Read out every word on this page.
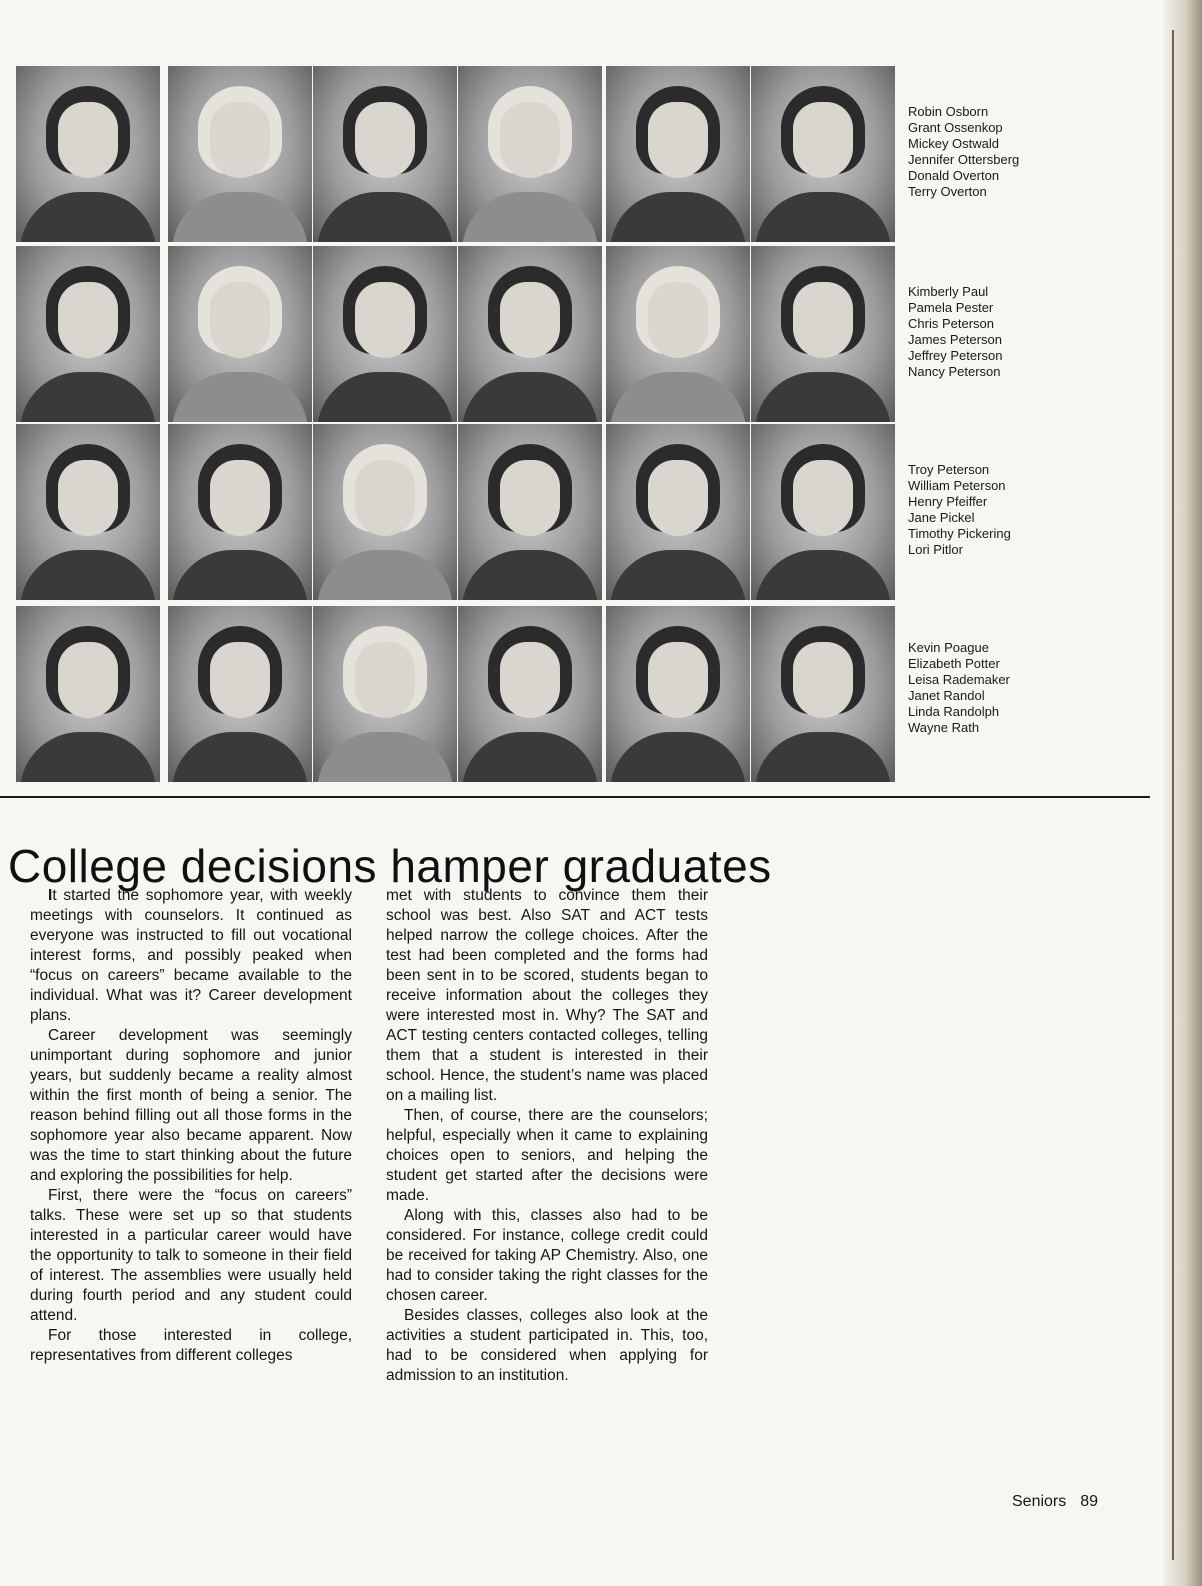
Robin Osborn
Grant Ossenkop
Mickey Ostwald
Jennifer Ottersberg
Donald Overton
Terry Overton
Kimberly Paul
Pamela Pester
Chris Peterson
James Peterson
Jeffrey Peterson
Nancy Peterson
Troy Peterson
William Peterson
Henry Pfeiffer
Jane Pickel
Timothy Pickering
Lori Pitlor
Kevin Poague
Elizabeth Potter
Leisa Rademaker
Janet Randol
Linda Randolph
Wayne Rath
College decisions hamper graduates

It started the sophomore year, with weekly meetings with counselors. It continued as everyone was instructed to fill out vocational interest forms, and possibly peaked when “focus on careers” became available to the individual. What was it? Career development plans.

Career development was seemingly unimportant during sophomore and junior years, but suddenly became a reality almost within the first month of being a senior. The reason behind filling out all those forms in the sophomore year also became apparent. Now was the time to start thinking about the future and exploring the possibilities for help.

First, there were the “focus on careers” talks. These were set up so that students interested in a particular career would have the opportunity to talk to someone in their field of interest. The assemblies were usually held during fourth period and any student could attend.

For those interested in college, representatives from different colleges

met with students to convince them their school was best. Also SAT and ACT tests helped narrow the college choices. After the test had been completed and the forms had been sent in to be scored, students began to receive information about the colleges they were interested most in. Why? The SAT and ACT testing centers contacted colleges, telling them that a student is interested in their school. Hence, the student’s name was placed on a mailing list.

Then, of course, there are the counselors; helpful, especially when it came to explaining choices open to seniors, and helping the student get started after the decisions were made.

Along with this, classes also had to be considered. For instance, college credit could be received for taking AP Chemistry. Also, one had to consider taking the right classes for the chosen career.

Besides classes, colleges also look at the activities a student participated in. This, too, had to be considered when applying for admission to an institution.

Seniors 89
